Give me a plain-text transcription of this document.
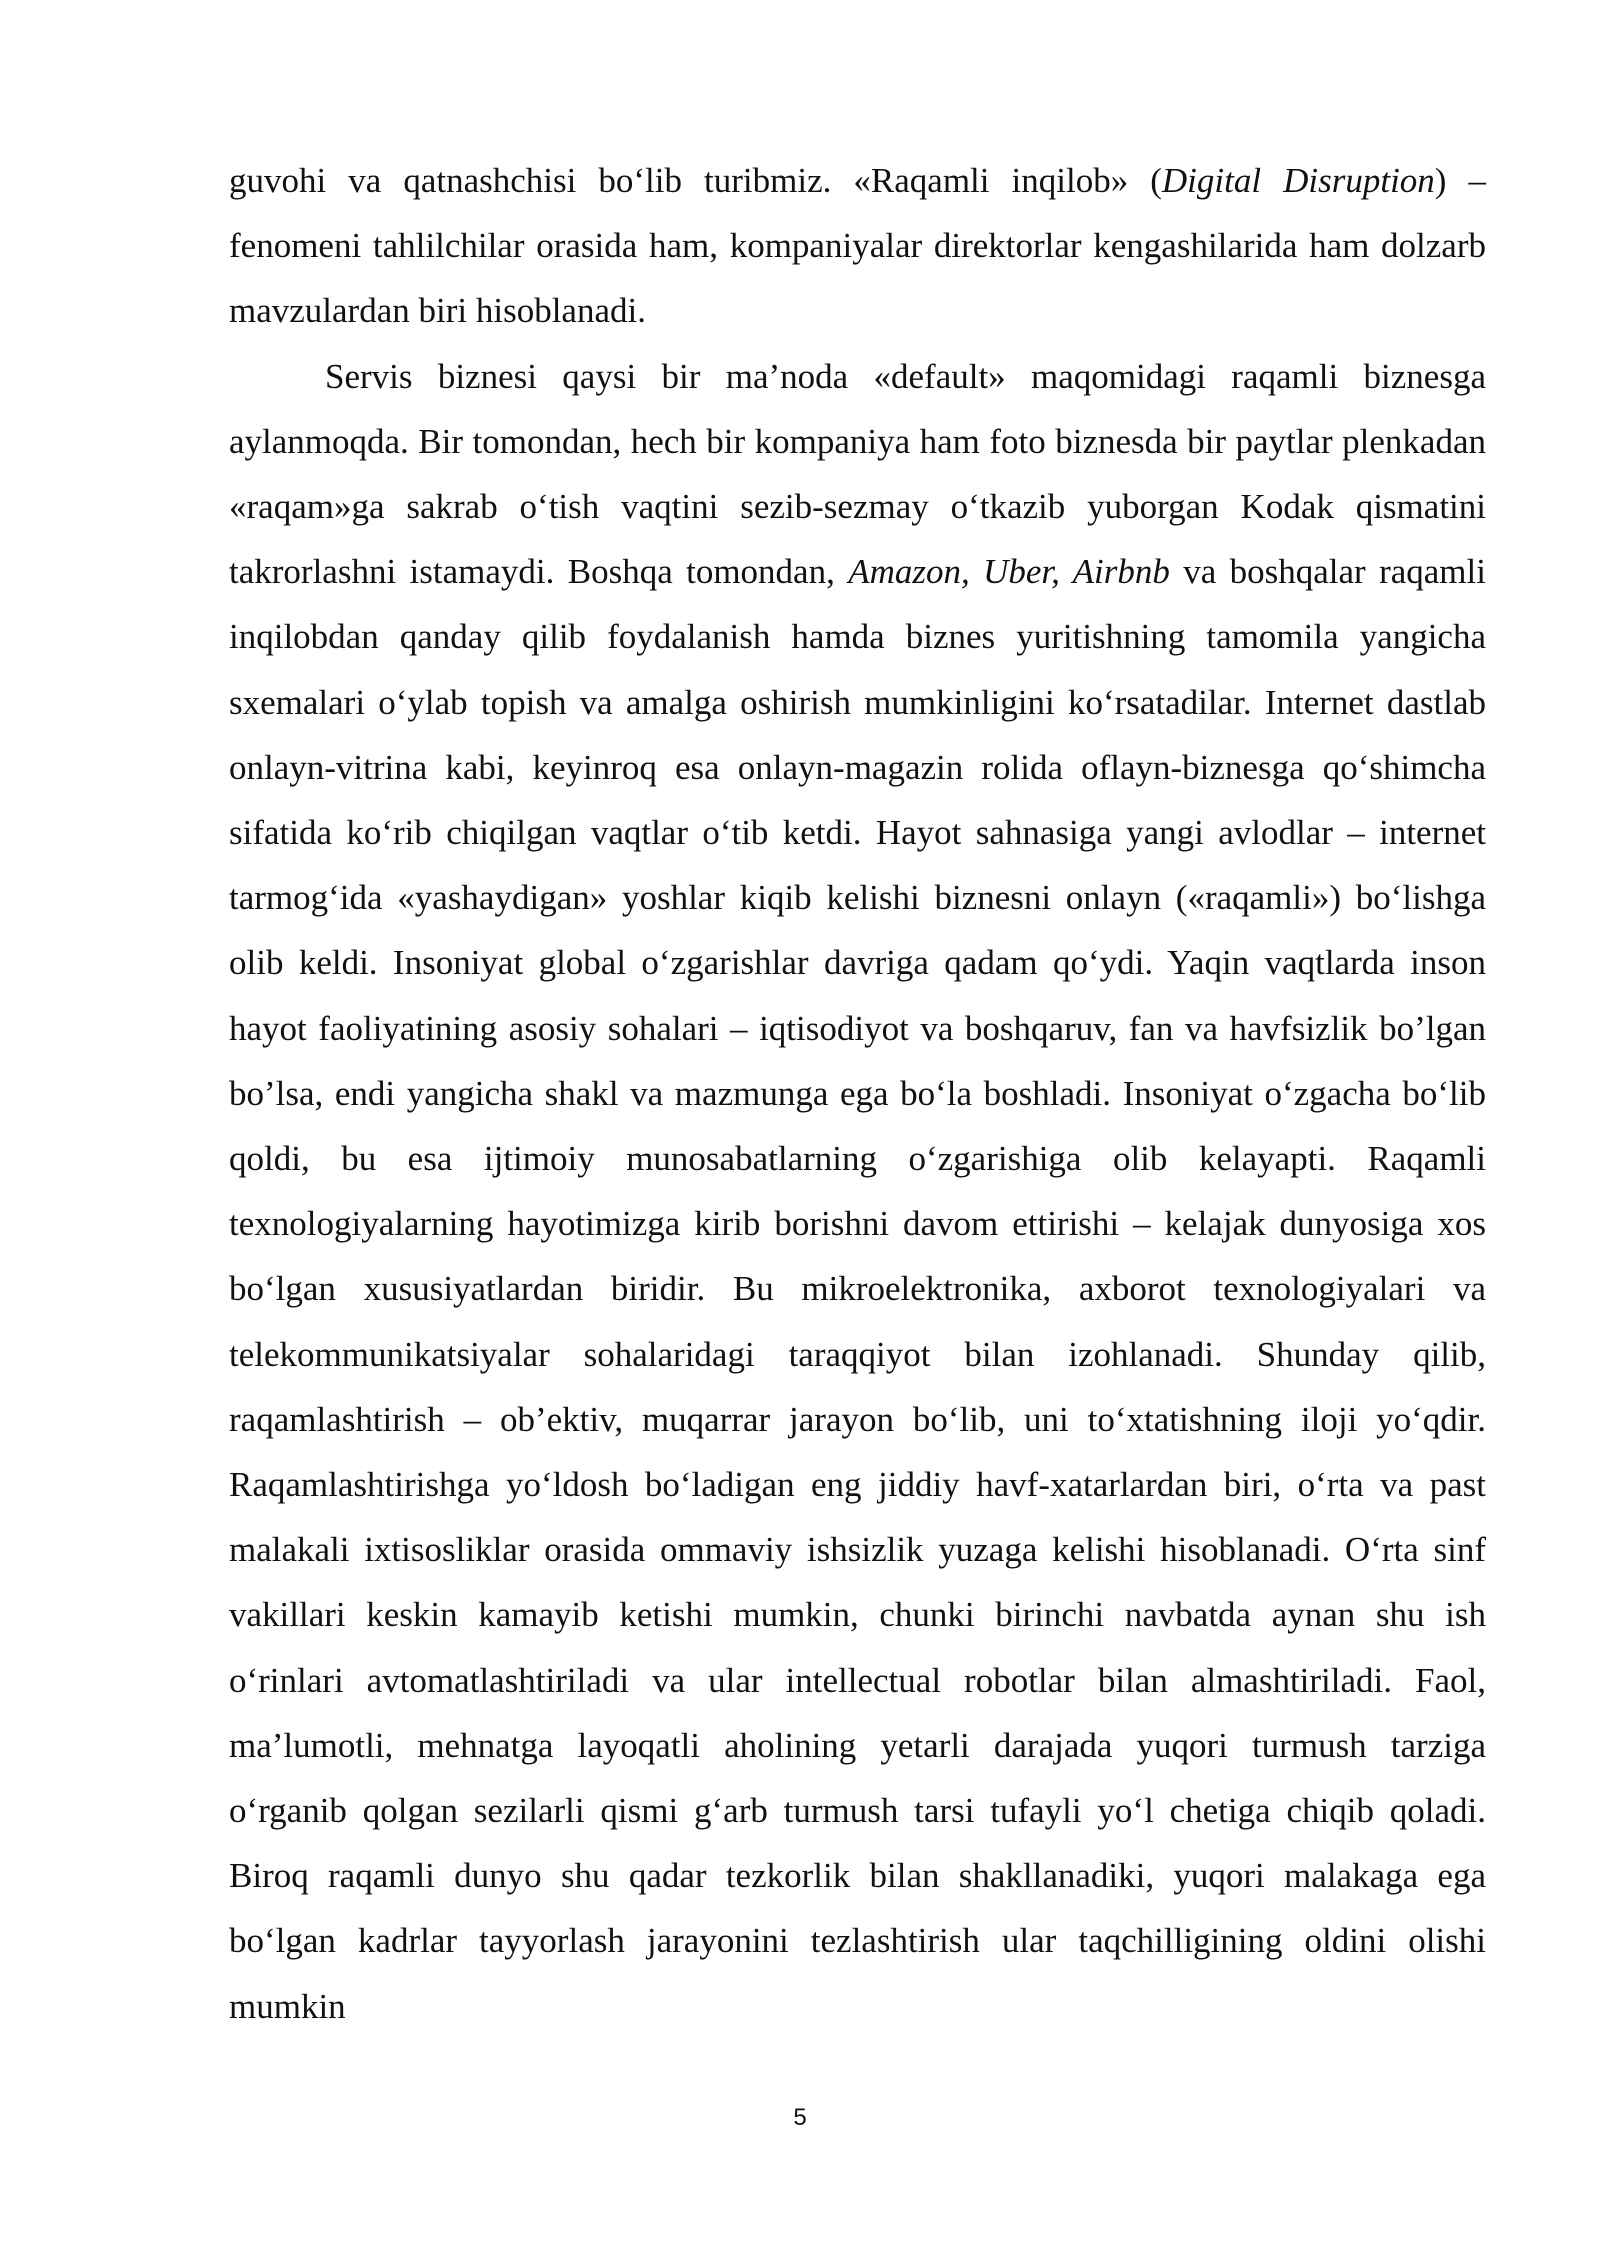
guvohi va qatnashchisi bo‘lib turibmiz. «Raqamli inqilob» (Digital Disruption) – fenomeni tahlilchilar orasida ham, kompaniyalar direktorlar kengashilarida ham dolzarb mavzulardan biri hisoblanadi.

Servis biznesi qaysi bir ma’noda «default» maqomidagi raqamli biznesga aylanmoqda. Bir tomondan, hech bir kompaniya ham foto biznesda bir paytlar plenkadan «raqam»ga sakrab o‘tish vaqtini sezib-sezmay o‘tkazib yuborgan Kodak qismatini takrorlashni istamaydi. Boshqa tomondan, Amazon, Uber, Airbnb va boshqalar raqamli inqilobdan qanday qilib foydalanish hamda biznes yuritishning tamomila yangicha sxemalari o‘ylab topish va amalga oshirish mumkinligini ko‘rsatadilar. Internet dastlab onlayn-vitrina kabi, keyinroq esa onlayn-magazin rolida oflayn-biznesga qo‘shimcha sifatida ko‘rib chiqilgan vaqtlar o‘tib ketdi. Hayot sahnasiga yangi avlodlar – internet tarmog‘ida «yashaydigan» yoshlar kiqib kelishi biznesni onlayn («raqamli») bo‘lishga olib keldi. Insoniyat global o‘zgarishlar davriga qadam qo‘ydi. Yaqin vaqtlarda inson hayot faoliyatining asosiy sohalari – iqtisodiyot va boshqaruv, fan va havfsizlik bo’lgan bo’lsa, endi yangicha shakl va mazmunga ega bo‘la boshladi. Insoniyat o‘zgacha bo‘lib qoldi, bu esa ijtimoiy munosabatlarning o‘zgarishiga olib kelayapti. Raqamli texnologiyalarning hayotimizga kirib borishni davom ettirishi – kelajak dunyosiga xos bo‘lgan xususiyatlardan biridir. Bu mikroelektronika, axborot texnologiyalari va telekommunikatsiyalar sohalaridagi taraqqiyot bilan izohlanadi. Shunday qilib, raqamlashtirish – ob’ektiv, muqarrar jarayon bo‘lib, uni to‘xtatishning iloji yo‘qdir. Raqamlashtirishga yo‘ldosh bo‘ladigan eng jiddiy havf-xatarlardan biri, o‘rta va past malakali ixtisosliklar orasida ommaviy ishsizlik yuzaga kelishi hisoblanadi. O‘rta sinf vakillari keskin kamayib ketishi mumkin, chunki birinchi navbatda aynan shu ish o‘rinlari avtomatlashtiriladi va ular intellectual robotlar bilan almashtiriladi. Faol, ma’lumotli, mehnatga layoqatli aholining yetarli darajada yuqori turmush tarziga o‘rganib qolgan sezilarli qismi g‘arb turmush tarsi tufayli yo‘l chetiga chiqib qoladi. Biroq raqamli dunyo shu qadar tezkorlik bilan shakllanadiki, yuqori malakaga ega bo‘lgan kadrlar tayyorlash jarayonini tezlashtirish ular taqchilligining oldini olishi mumkin

5
